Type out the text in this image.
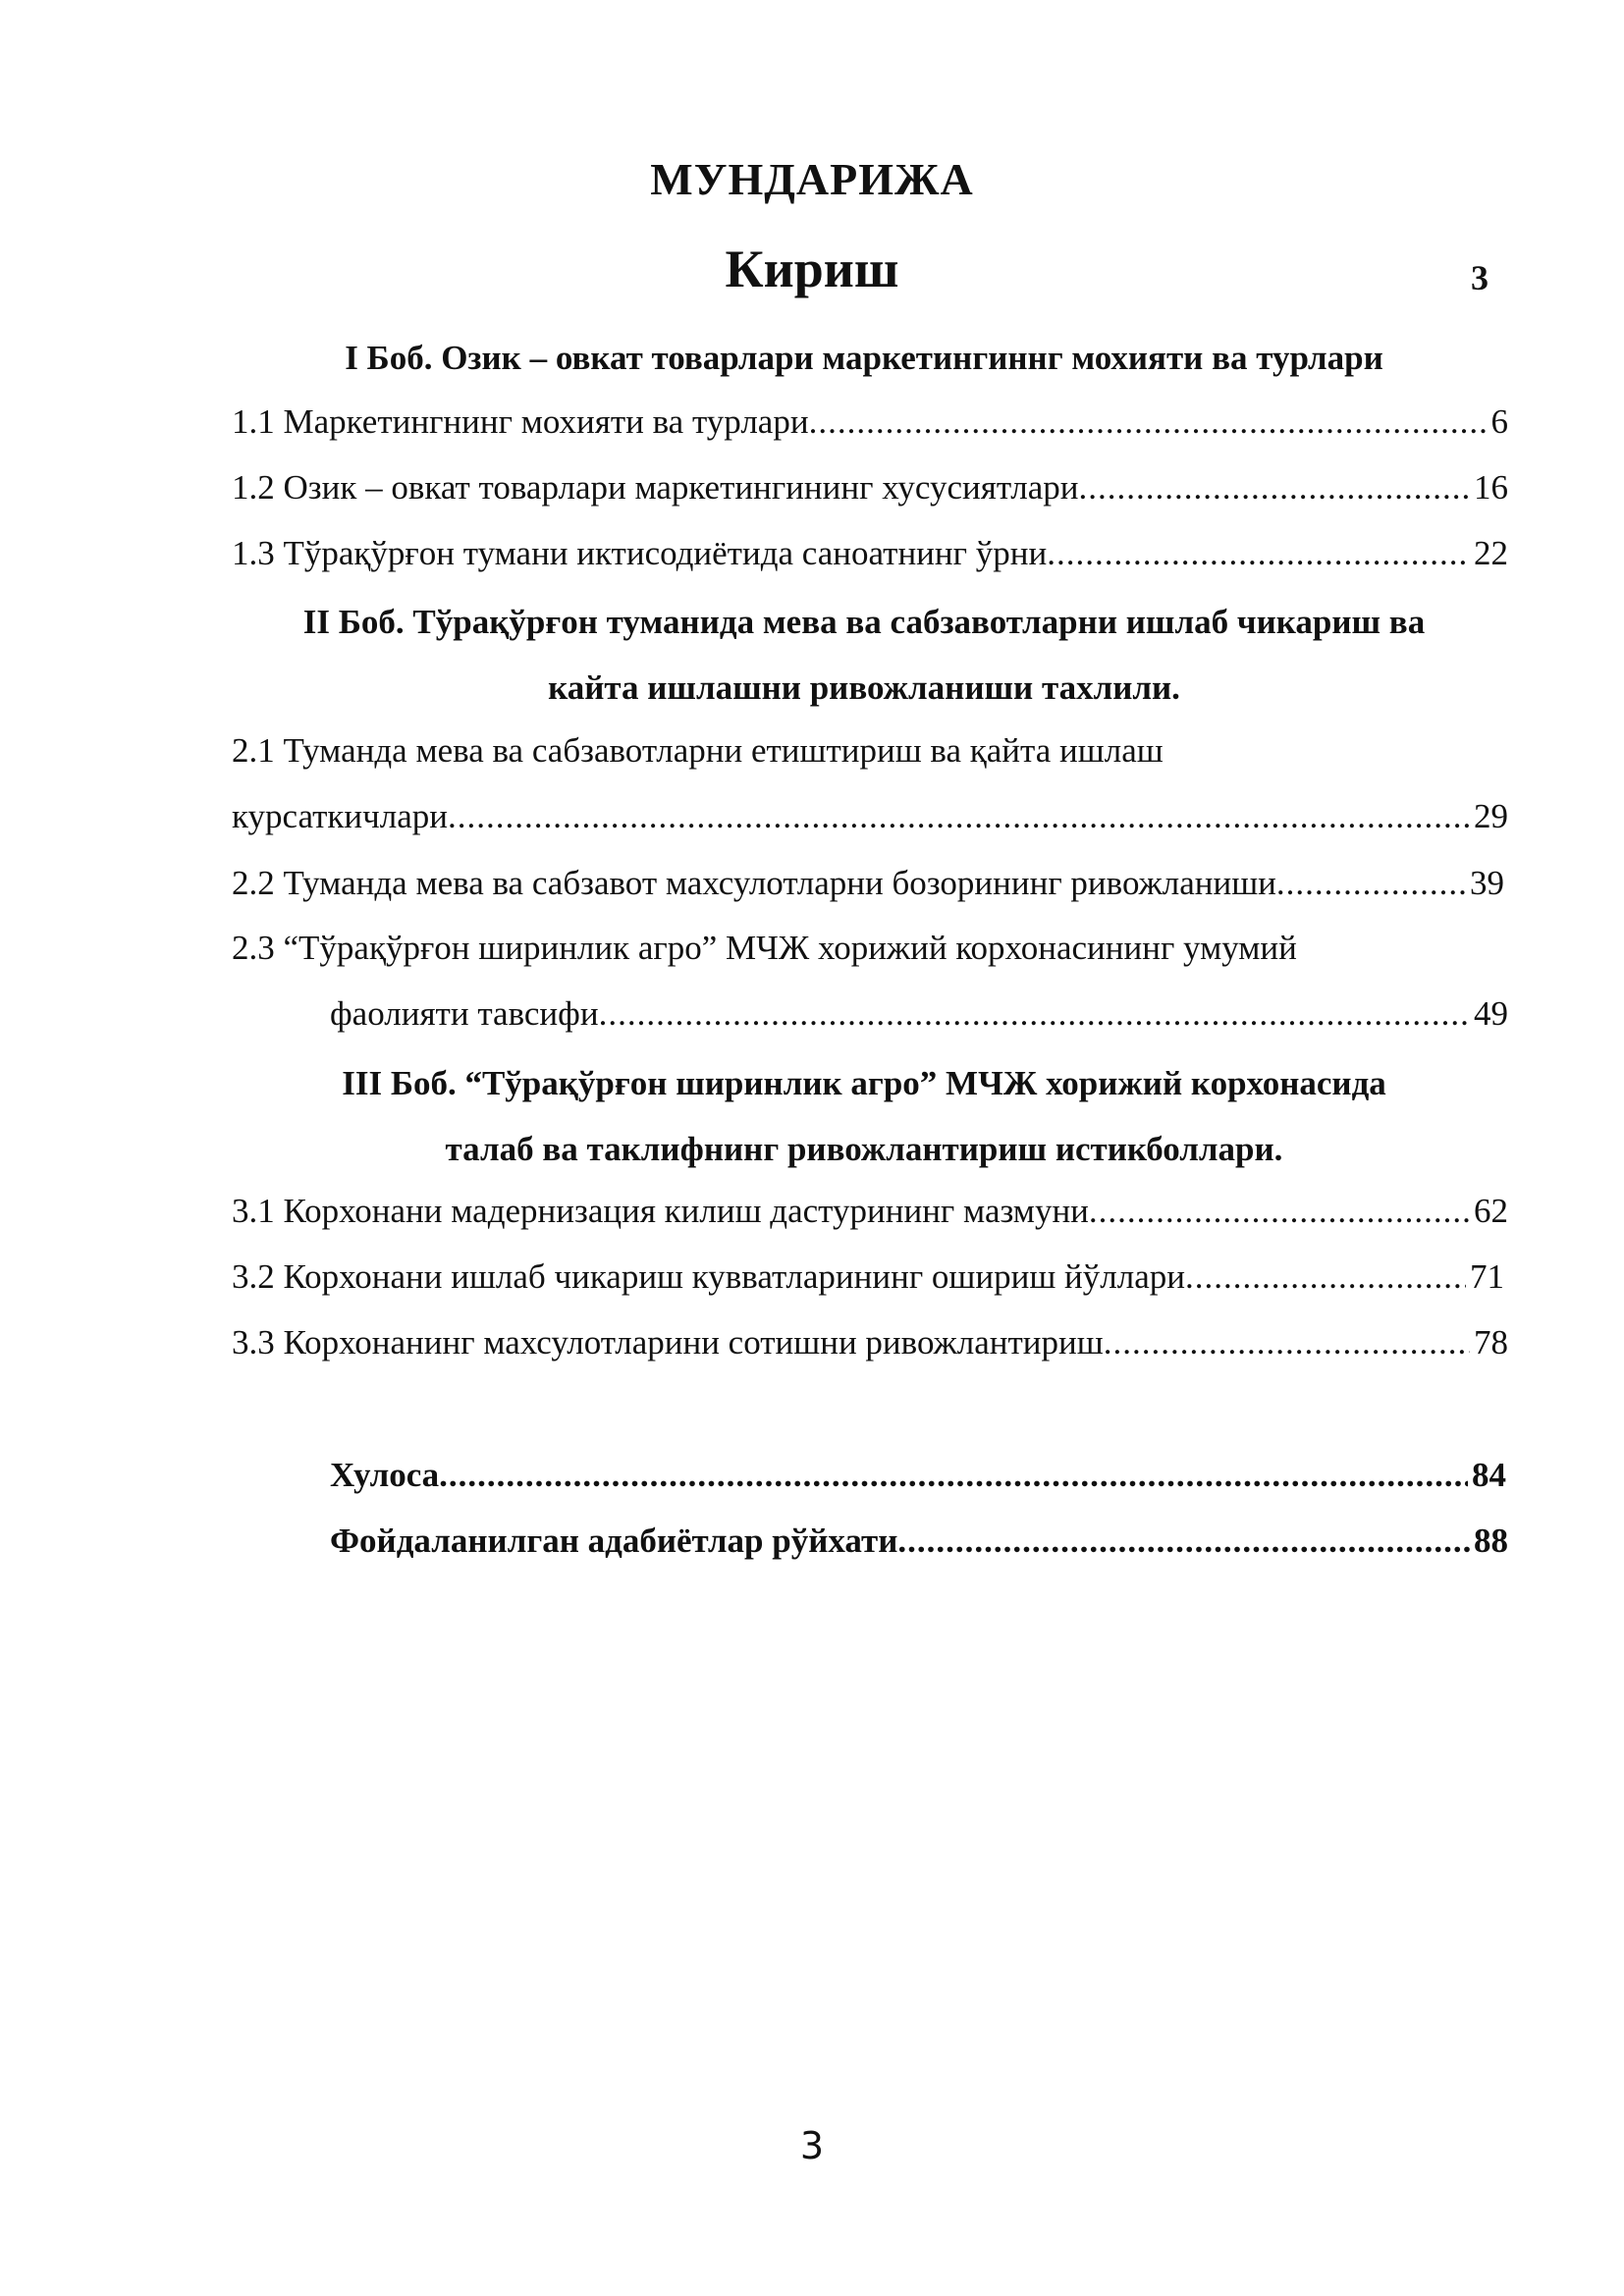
МУНДАРИЖА
Кириш	3
I Боб. Озик – овкат товарлари маркетингиннг мохияти ва турлари
1.1 Маркетингнинг мохияти ва турлари .....	6
1.2 Озик – овкат товарлари маркетингининг хусусиятлари .....	16
1.3 Тўрақўрғон тумани иктисодиётида саноатнинг ўрни .....	22
II Боб. Тўрақўрғон туманида мева ва сабзавотларни ишлаб чикариш ва
кайта ишлашни ривожланиши тахлили.
2.1 Туманда мева ва сабзавотларни етиштириш ва қайта ишлаш
курсаткичлари .....	29
2.2 Туманда мева ва сабзавот махсулотларни бозорининг ривожланиши .....	39
2.3 “Тўрақўрғон ширинлик агро” МЧЖ хорижий корхонасининг умумий
фаолияти тавсифи .....	49
III Боб. “Тўрақўрғон ширинлик агро” МЧЖ хорижий корхонасида
талаб ва таклифнинг ривожлантириш истикболлари.
3.1 Корхонани мадернизация килиш дастурининг мазмуни .....	62
3.2 Корхонани ишлаб чикариш кувватларининг ошириш йўллари .....	71
3.3 Корхонанинг махсулотларини сотишни ривожлантириш .....	78
Хулоса .....	84
Фойдаланилган адабиётлар рўйхати .....	88
3
